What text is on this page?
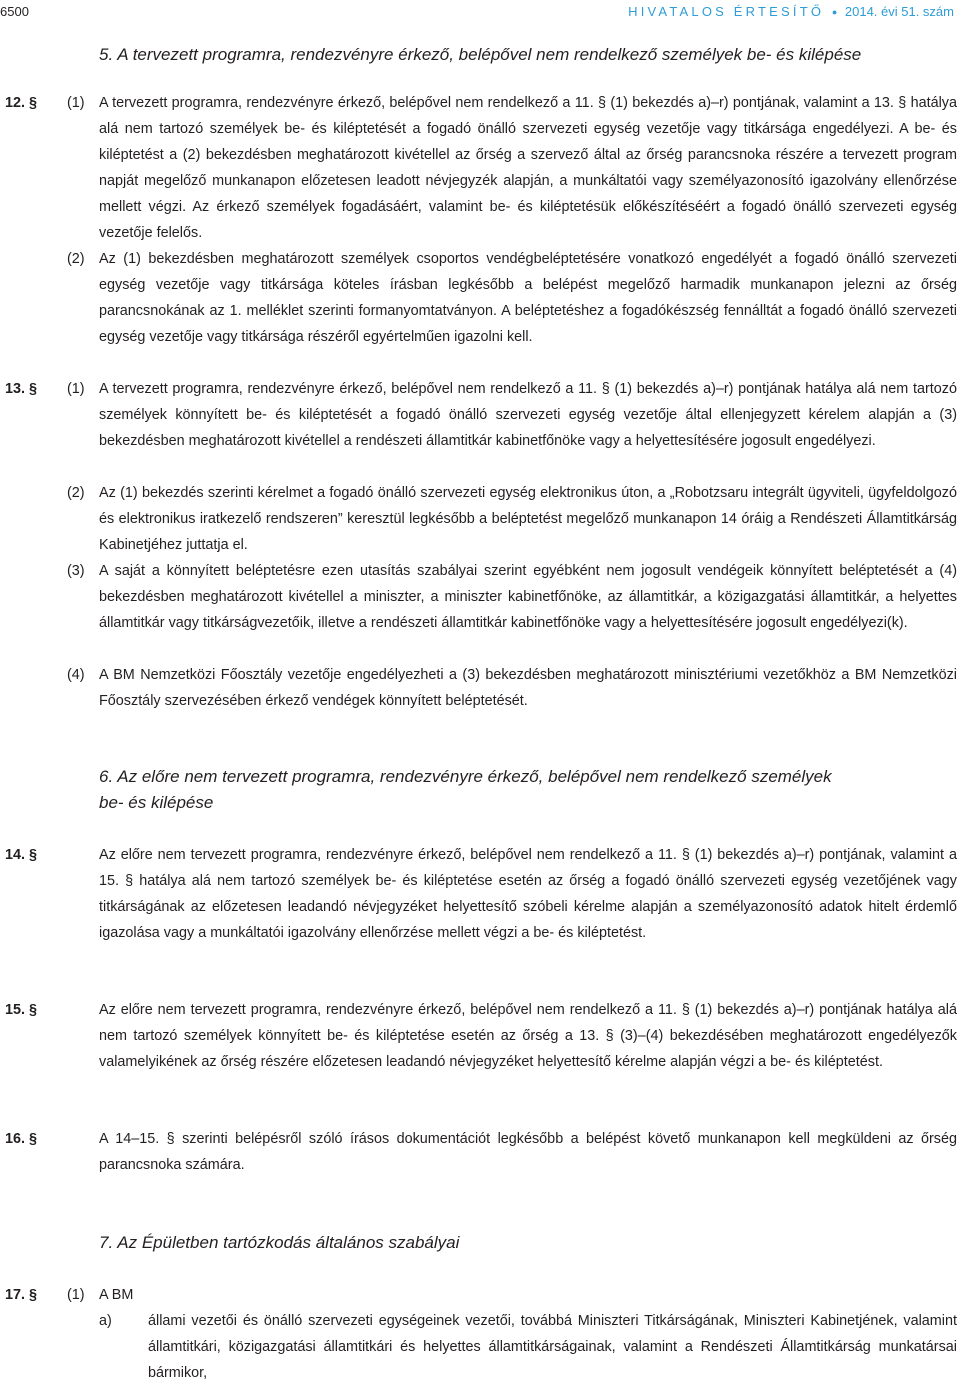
6500	HIVATALOS ÉRTESÍTŐ ● 2014. évi 51. szám
5. A tervezett programra, rendezvényre érkező, belépővel nem rendelkező személyek be- és kilépése
12. § (1) A tervezett programra, rendezvényre érkező, belépővel nem rendelkező a 11. § (1) bekezdés a)–r) pontjának, valamint a 13. § hatálya alá nem tartozó személyek be- és kiléptetését a fogadó önálló szervezeti egység vezetője vagy titkársága engedélyezi. A be- és kiléptetést a (2) bekezdésben meghatározott kivétellel az őrség a szervező által az őrség parancsnoka részére a tervezett program napját megelőző munkanapon előzetesen leadott névjegyzék alapján, a munkáltatói vagy személyazonosító igazolvány ellenőrzése mellett végzi. Az érkező személyek fogadásáért, valamint be- és kiléptetésük előkészítéséért a fogadó önálló szervezeti egység vezetője felelős.
(2) Az (1) bekezdésben meghatározott személyek csoportos vendégbeléptetésére vonatkozó engedélyét a fogadó önálló szervezeti egység vezetője vagy titkársága köteles írásban legkésőbb a belépést megelőző harmadik munkanapon jelezni az őrség parancsnokának az 1. melléklet szerinti formanyomtatványon. A beléptetéshez a fogadókészség fennálltát a fogadó önálló szervezeti egység vezetője vagy titkársága részéről egyértelműen igazolni kell.
13. § (1) A tervezett programra, rendezvényre érkező, belépővel nem rendelkező a 11. § (1) bekezdés a)–r) pontjának hatálya alá nem tartozó személyek könnyített be- és kiléptetését a fogadó önálló szervezeti egység vezetője által ellenjegyzett kérelem alapján a (3) bekezdésben meghatározott kivétellel a rendészeti államtitkár kabinetfőnöke vagy a helyettesítésére jogosult engedélyezi.
(2) Az (1) bekezdés szerinti kérelmet a fogadó önálló szervezeti egység elektronikus úton, a „Robotzsaru integrált ügyviteli, ügyfeldolgozó és elektronikus iratkezelő rendszeren” keresztül legkésőbb a beléptetést megelőző munkanapon 14 óráig a Rendészeti Államtitkárság Kabinetjéhez juttatja el.
(3) A saját a könnyített beléptetésre ezen utasítás szabályai szerint egyébként nem jogosult vendégeik könnyített beléptetését a (4) bekezdésben meghatározott kivétellel a miniszter, a miniszter kabinetfőnöke, az államtitkár, a közigazgatási államtitkár, a helyettes államtitkár vagy titkárságvezetőik, illetve a rendészeti államtitkár kabinetfőnöke vagy a helyettesítésére jogosult engedélyezi(k).
(4) A BM Nemzetközi Főosztály vezetője engedélyezheti a (3) bekezdésben meghatározott minisztériumi vezetőkhöz a BM Nemzetközi Főosztály szervezésében érkező vendégek könnyített beléptetését.
6. Az előre nem tervezett programra, rendezvényre érkező, belépővel nem rendelkező személyek
be- és kilépése
14. §	Az előre nem tervezett programra, rendezvényre érkező, belépővel nem rendelkező a 11. § (1) bekezdés a)–r) pontjának, valamint a 15. § hatálya alá nem tartozó személyek be- és kiléptetése esetén az őrség a fogadó önálló szervezeti egység vezetőjének vagy titkárságának az előzetesen leadandó névjegyzéket helyettesítő szóbeli kérelme alapján a személyazonosító adatok hitelt érdemlő igazolása vagy a munkáltatói igazolvány ellenőrzése mellett végzi a be- és kiléptetést.
15. §	Az előre nem tervezett programra, rendezvényre érkező, belépővel nem rendelkező a 11. § (1) bekezdés a)–r) pontjának hatálya alá nem tartozó személyek könnyített be- és kiléptetése esetén az őrség a 13. § (3)–(4) bekezdésében meghatározott engedélyezők valamelyikének az őrség részére előzetesen leadandó névjegyzéket helyettesítő kérelme alapján végzi a be- és kiléptetést.
16. §	A 14–15. § szerinti belépésről szóló írásos dokumentációt legkésőbb a belépést követő munkanapon kell megküldeni az őrség parancsnoka számára.
7. Az Épületben tartózkodás általános szabályai
17. § (1) A BM
a)	állami vezetői és önálló szervezeti egységeinek vezetői, továbbá Miniszteri Titkárságának, Miniszteri Kabinetjének, valamint államtitkári, közigazgatási államtitkári és helyettes államtitkárságainak, valamint a Rendészeti Államtitkárság munkatársai bármikor,
